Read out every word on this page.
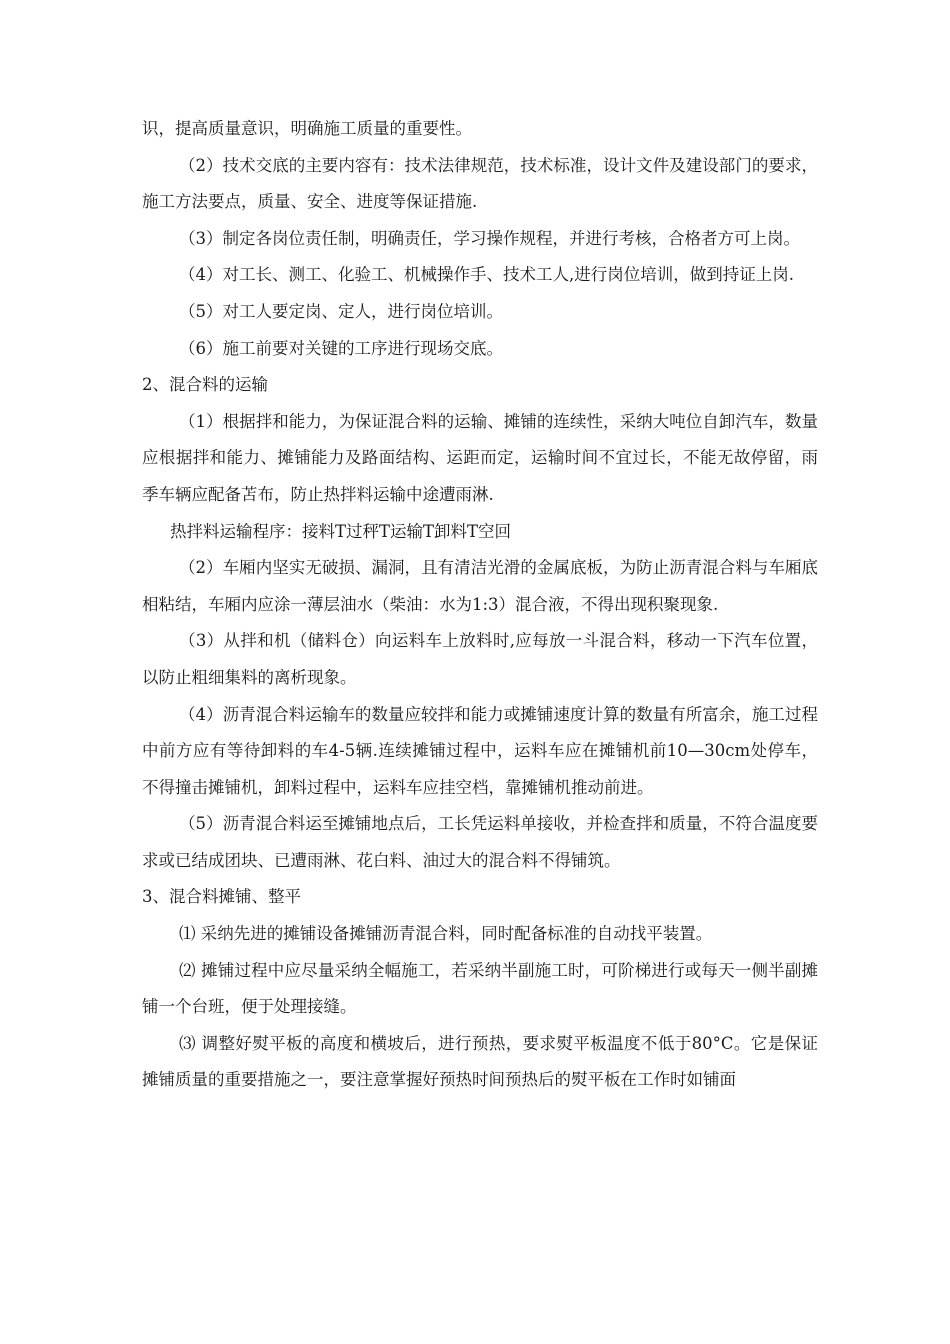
识，提高质量意识，明确施工质量的重要性。

（2）技术交底的主要内容有：技术法律规范，技术标准，设计文件及建设部门的要求，施工方法要点，质量、安全、进度等保证措施.

（3）制定各岗位责任制，明确责任，学习操作规程，并进行考核，合格者方可上岗。

（4）对工长、测工、化验工、机械操作手、技术工人,进行岗位培训，做到持证上岗.

（5）对工人要定岗、定人，进行岗位培训。

（6）施工前要对关键的工序进行现场交底。

2、混合料的运输

（1）根据拌和能力，为保证混合料的运输、摊铺的连续性，采纳大吨位自卸汽车，数量应根据拌和能力、摊铺能力及路面结构、运距而定，运输时间不宜过长，不能无故停留，雨季车辆应配备苫布，防止热拌料运输中途遭雨淋.

热拌料运输程序：接料Τ过秤Τ运输Τ卸料Τ空回

（2）车厢内坚实无破损、漏洞，且有清洁光滑的金属底板，为防止沥青混合料与车厢底相粘结，车厢内应涂一薄层油水（柴油：水为1:3）混合液，不得出现积聚现象.

（3）从拌和机（储料仓）向运料车上放料时,应每放一斗混合料，移动一下汽车位置，以防止粗细集料的离析现象。

（4）沥青混合料运输车的数量应较拌和能力或摊铺速度计算的数量有所富余，施工过程中前方应有等待卸料的车4-5辆.连续摊铺过程中，运料车应在摊铺机前10—30cm处停车，不得撞击摊铺机，卸料过程中，运料车应挂空档，靠摊铺机推动前进。

（5）沥青混合料运至摊铺地点后，工长凭运料单接收，并检查拌和质量，不符合温度要求或已结成团块、已遭雨淋、花白料、油过大的混合料不得铺筑。

3、混合料摊铺、整平

⑴ 采纳先进的摊铺设备摊铺沥青混合料，同时配备标准的自动找平装置。

⑵ 摊铺过程中应尽量采纳全幅施工，若采纳半副施工时，可阶梯进行或每天一侧半副摊铺一个台班，便于处理接缝。

⑶ 调整好熨平板的高度和横坡后，进行预热，要求熨平板温度不低于80°C。它是保证摊铺质量的重要措施之一，要注意掌握好预热时间预热后的熨平板在工作时如铺面
